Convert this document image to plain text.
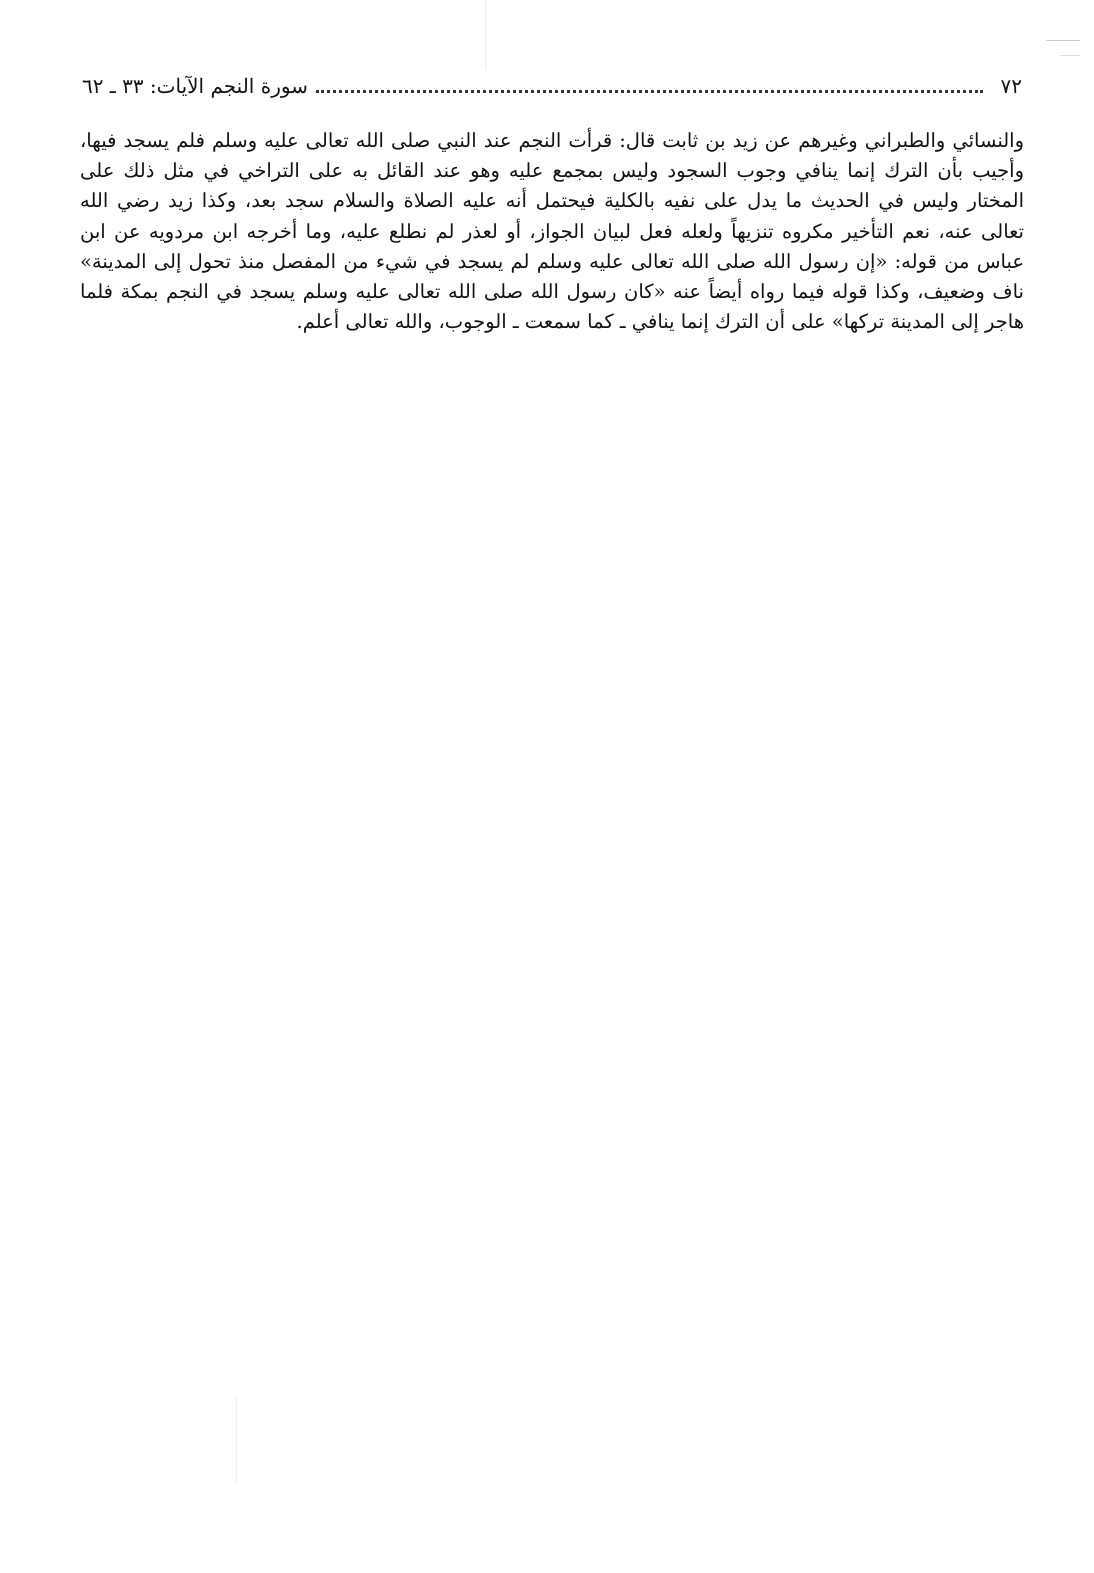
٧٢
سورة النجم الآيات: ٣٣ ـ ٦٢

والنسائي والطبراني وغيرهم عن زيد بن ثابت قال: قرأت النجم عند النبي صلى الله تعالى عليه وسلم فلم يسجد فيها، وأجيب بأن الترك إنما ينافي وجوب السجود وليس بمجمع عليه وهو عند القائل به على التراخي في مثل ذلك على المختار وليس في الحديث ما يدل على نفيه بالكلية فيحتمل أنه عليه الصلاة والسلام سجد بعد، وكذا زيد رضي الله تعالى عنه، نعم التأخير مكروه تنزيهاً ولعله فعل لبيان الجواز، أو لعذر لم نطلع عليه، وما أخرجه ابن مردويه عن ابن عباس من قوله: «إن رسول الله صلى الله تعالى عليه وسلم لم يسجد في شيء من المفصل منذ تحول إلى المدينة» ناف وضعيف، وكذا قوله فيما رواه أيضاً عنه «كان رسول الله صلى الله تعالى عليه وسلم يسجد في النجم بمكة فلما هاجر إلى المدينة تركها» على أن الترك إنما ينافي ـ كما سمعت ـ الوجوب، والله تعالى أعلم.
